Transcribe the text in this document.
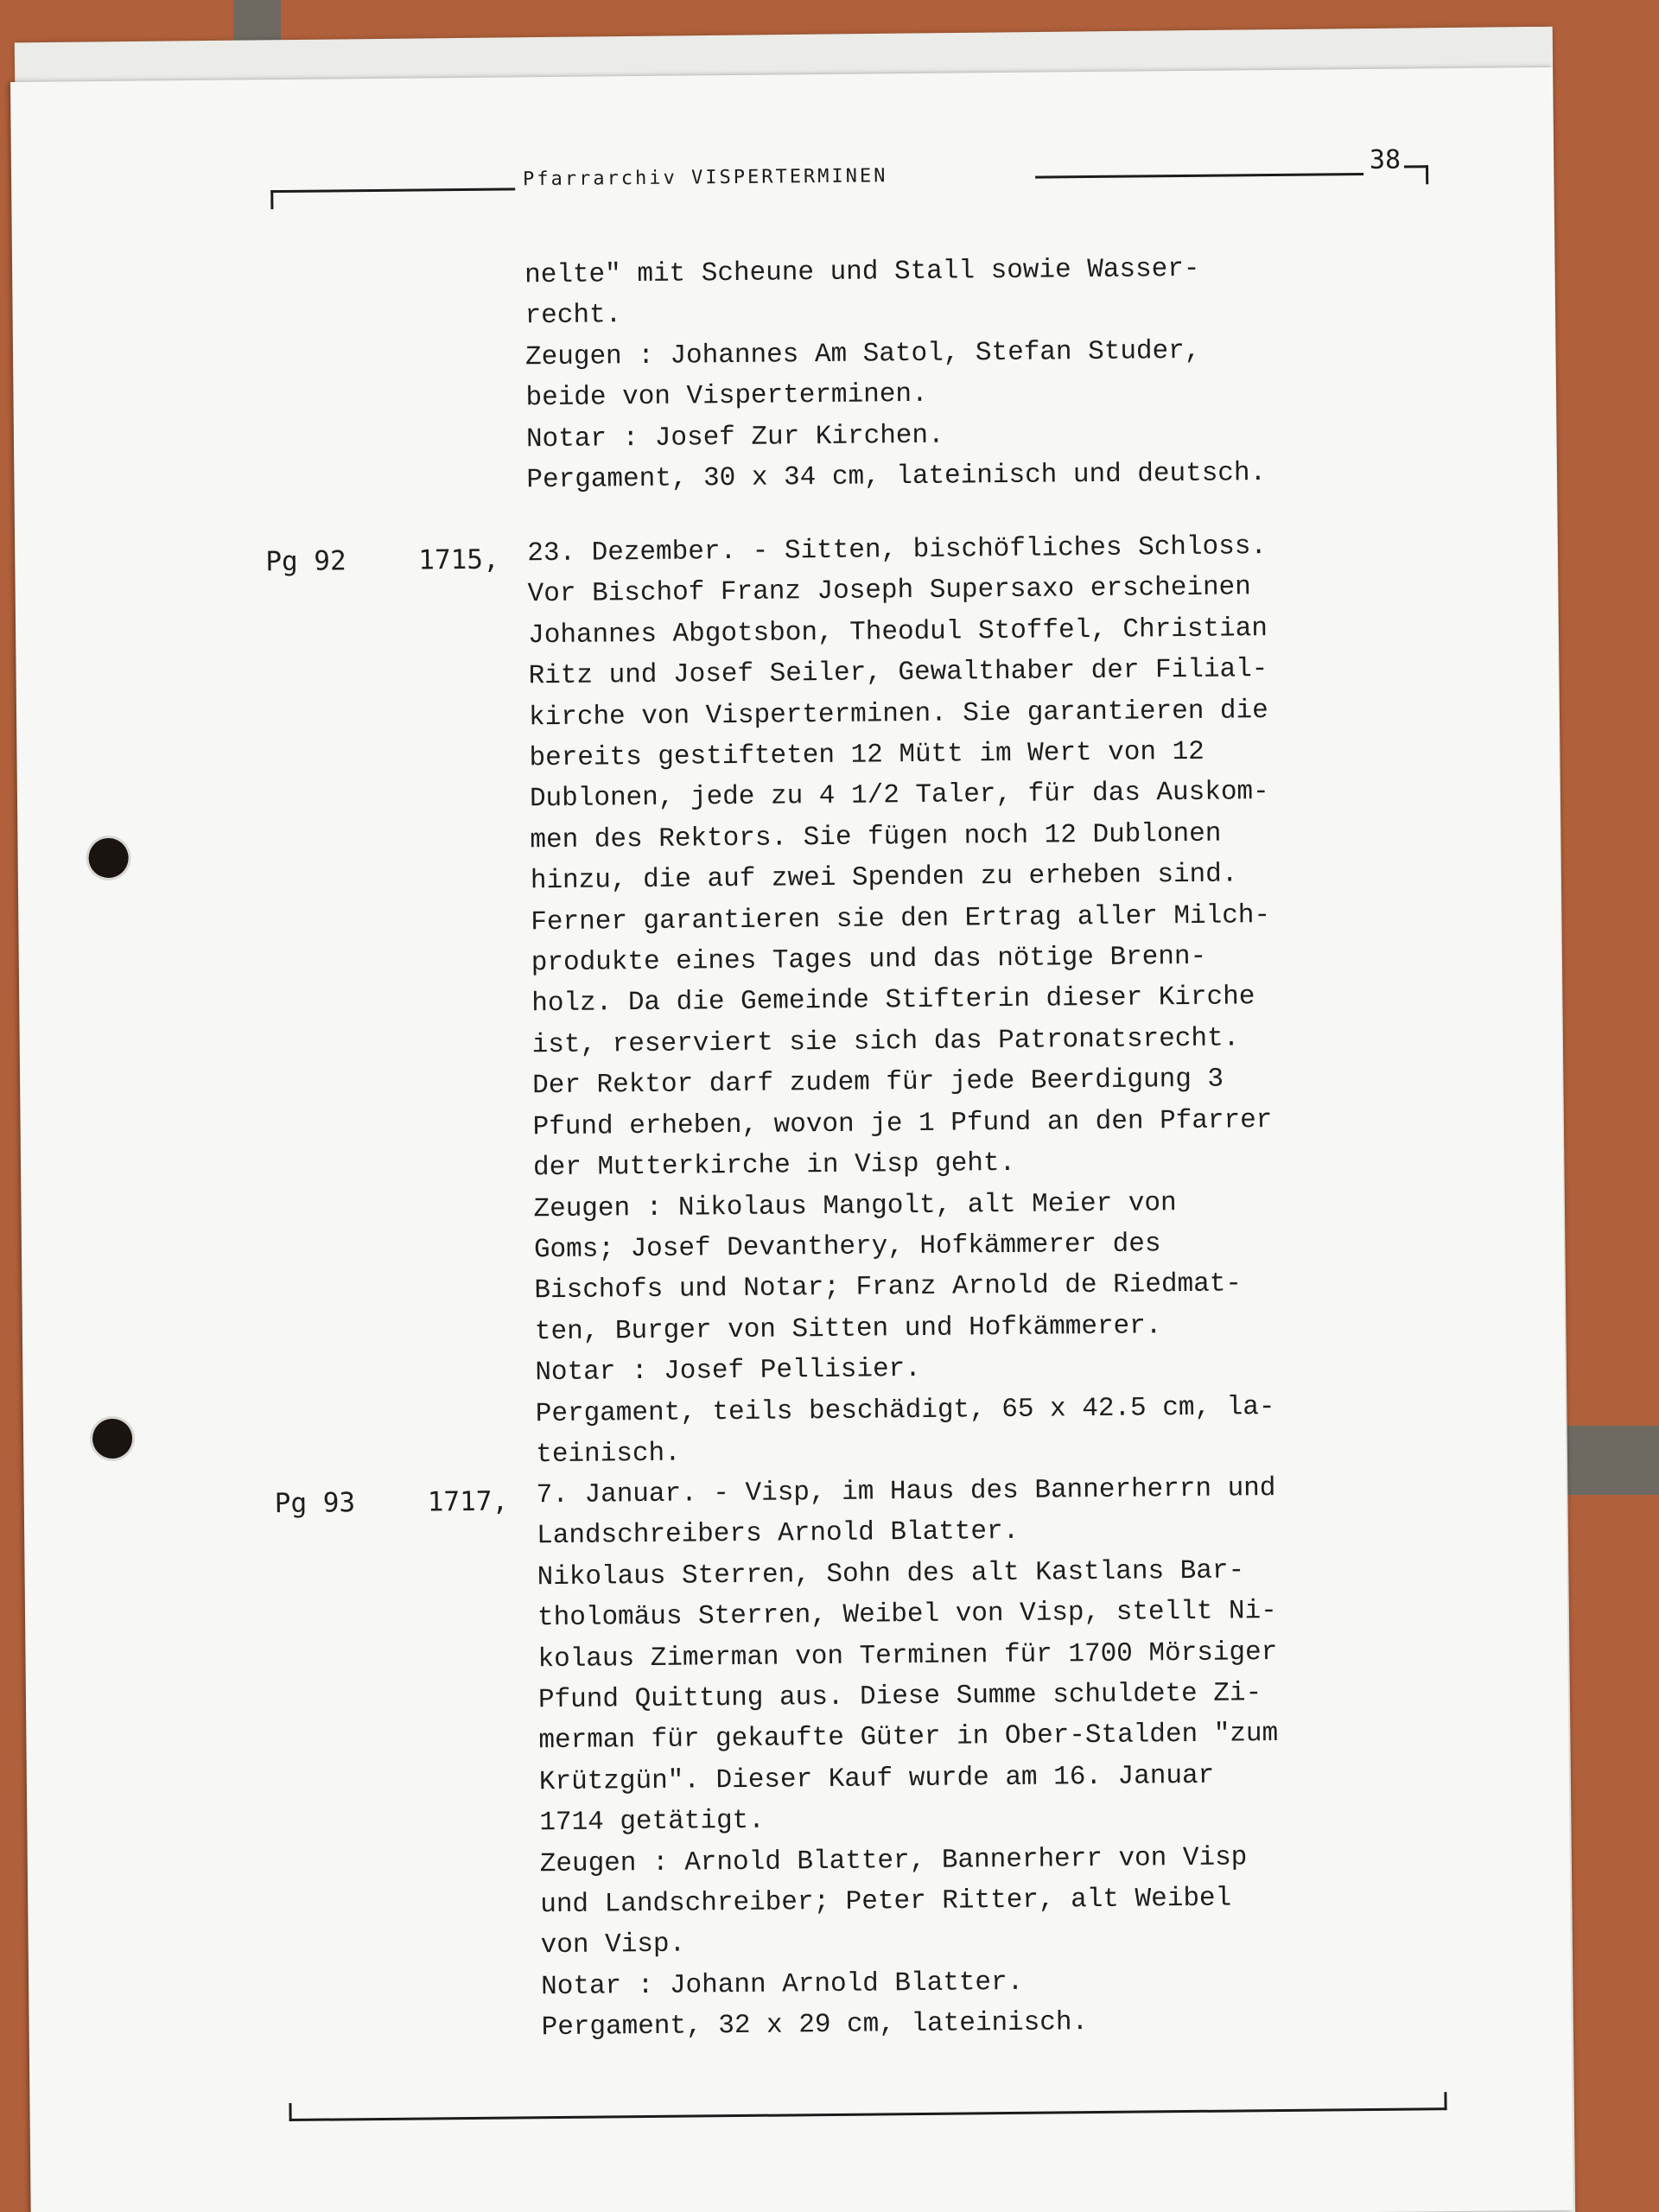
Pfarrarchiv VISPERTERMINEN
38
nelte" mit Scheune und Stall sowie Wasser-
recht.
Zeugen : Johannes Am Satol, Stefan Studer,
beide von Visperterminen.
Notar : Josef Zur Kirchen.
Pergament, 30 x 34 cm, lateinisch und deutsch.
Pg 92	1715, 23. Dezember. - Sitten, bischöfliches Schloss.
Vor Bischof Franz Joseph Supersaxo erscheinen
Johannes Abgotsbon, Theodul Stoffel, Christian
Ritz und Josef Seiler, Gewalthaber der Filial-
kirche von Visperterminen. Sie garantieren die
bereits gestifteten 12 Mütt im Wert von 12
Dublonen, jede zu 4 1/2 Taler, für das Auskom-
men des Rektors. Sie fügen noch 12 Dublonen
hinzu, die auf zwei Spenden zu erheben sind.
Ferner garantieren sie den Ertrag aller Milch-
produkte eines Tages und das nötige Brenn-
holz. Da die Gemeinde Stifterin dieser Kirche
ist, reserviert sie sich das Patronatsrecht.
Der Rektor darf zudem für jede Beerdigung 3
Pfund erheben, wovon je 1 Pfund an den Pfarrer
der Mutterkirche in Visp geht.
Zeugen : Nikolaus Mangolt, alt Meier von
Goms; Josef Devanthery, Hofkämmerer des
Bischofs und Notar; Franz Arnold de Riedmat-
ten, Burger von Sitten und Hofkämmerer.
Notar : Josef Pellisier.
Pergament, teils beschädigt, 65 x 42.5 cm, la-
teinisch.
Pg 93	1717, 7. Januar. - Visp, im Haus des Bannerherrn und
Landschreibers Arnold Blatter.
Nikolaus Sterren, Sohn des alt Kastlans Bar-
tholomäus Sterren, Weibel von Visp, stellt Ni-
kolaus Zimerman von Terminen für 1700 Mörsiger
Pfund Quittung aus. Diese Summe schuldete Zi-
merman für gekaufte Güter in Ober-Stalden "zum
Krützgün". Dieser Kauf wurde am 16. Januar
1714 getätigt.
Zeugen : Arnold Blatter, Bannerherr von Visp
und Landschreiber; Peter Ritter, alt Weibel
von Visp.
Notar : Johann Arnold Blatter.
Pergament, 32 x 29 cm, lateinisch.
